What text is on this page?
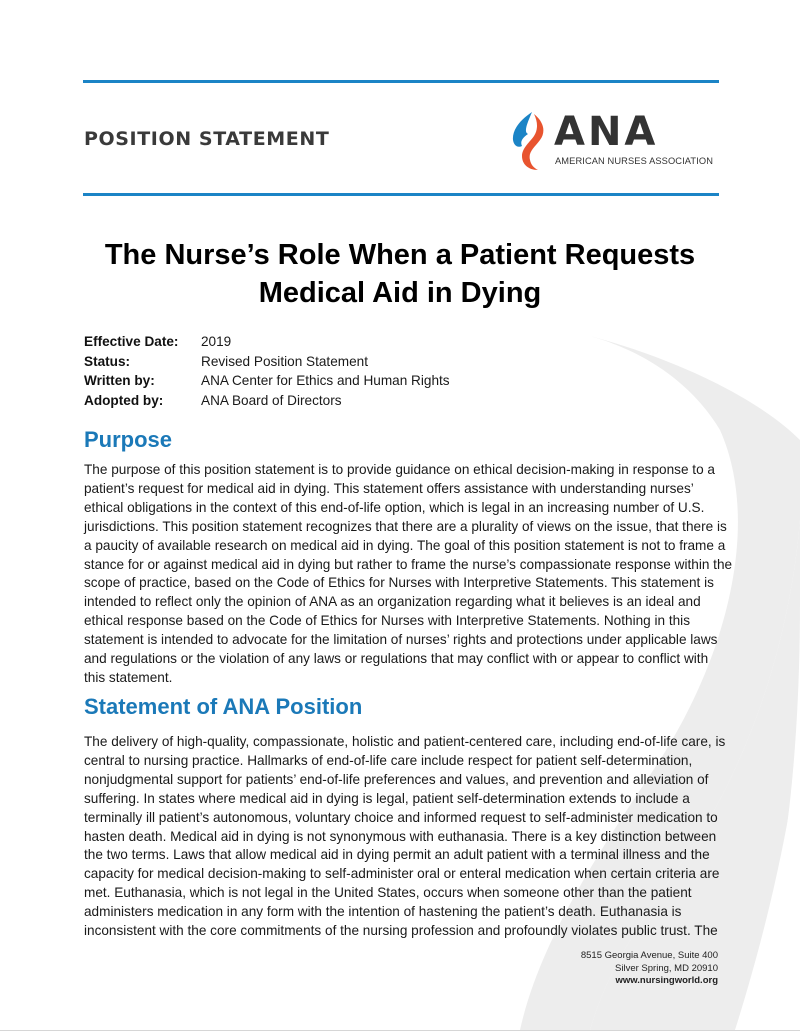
POSITION STATEMENT	ANA
AMERICAN NURSES ASSOCIATION
The Nurse’s Role When a Patient Requests
Medical Aid in Dying
Effective Date:	2019
Status:	Revised Position Statement
Written by:	ANA Center for Ethics and Human Rights
Adopted by:	ANA Board of Directors
Purpose

The purpose of this position statement is to provide guidance on ethical decision-making in response to a
patient’s request for medical aid in dying. This statement offers assistance with understanding nurses’
ethical obligations in the context of this end-of-life option, which is legal in an increasing number of U.S.
jurisdictions. This position statement recognizes that there are a plurality of views on the issue, that there is
a paucity of available research on medical aid in dying. The goal of this position statement is not to frame a
stance for or against medical aid in dying but rather to frame the nurse’s compassionate response within the
scope of practice, based on the Code of Ethics for Nurses with Interpretive Statements. This statement is
intended to reflect only the opinion of ANA as an organization regarding what it believes is an ideal and
ethical response based on the Code of Ethics for Nurses with Interpretive Statements. Nothing in this
statement is intended to advocate for the limitation of nurses’ rights and protections under applicable laws
and regulations or the violation of any laws or regulations that may conflict with or appear to conflict with
this statement.

Statement of ANA Position

The delivery of high-quality, compassionate, holistic and patient-centered care, including end-of-life care, is
central to nursing practice. Hallmarks of end-of-life care include respect for patient self-determination,
nonjudgmental support for patients’ end-of-life preferences and values, and prevention and alleviation of
suffering. In states where medical aid in dying is legal, patient self-determination extends to include a
terminally ill patient’s autonomous, voluntary choice and informed request to self-administer medication to
hasten death. Medical aid in dying is not synonymous with euthanasia. There is a key distinction between
the two terms. Laws that allow medical aid in dying permit an adult patient with a terminal illness and the
capacity for medical decision-making to self-administer oral or enteral medication when certain criteria are
met. Euthanasia, which is not legal in the United States, occurs when someone other than the patient
administers medication in any form with the intention of hastening the patient’s death. Euthanasia is
inconsistent with the core commitments of the nursing profession and profoundly violates public trust. The

8515 Georgia Avenue, Suite 400
Silver Spring, MD 20910
www.nursingworld.org
